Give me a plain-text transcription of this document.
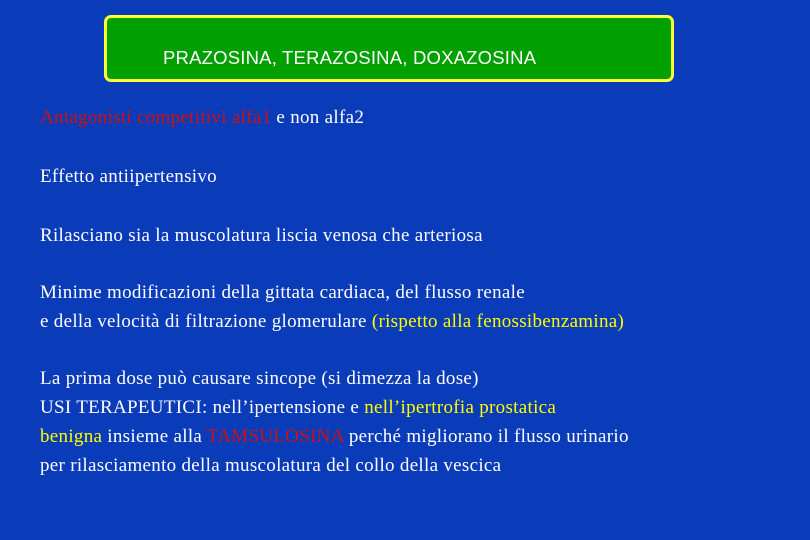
PRAZOSINA, TERAZOSINA, DOXAZOSINA
Antagonisti competitivi alfa1 e non alfa2
Effetto antiipertensivo
Rilasciano sia la muscolatura liscia venosa che arteriosa
Minime modificazioni della gittata cardiaca, del flusso renale
e della velocità di filtrazione glomerulare (rispetto alla fenossibenzamina)
La prima dose può causare sincope (si dimezza la dose)
USI TERAPEUTICI: nell’ipertensione e nell’ipertrofia prostatica
benigna insieme alla TAMSULOSINA perché migliorano il flusso urinario
per rilasciamento della muscolatura del collo della vescica
